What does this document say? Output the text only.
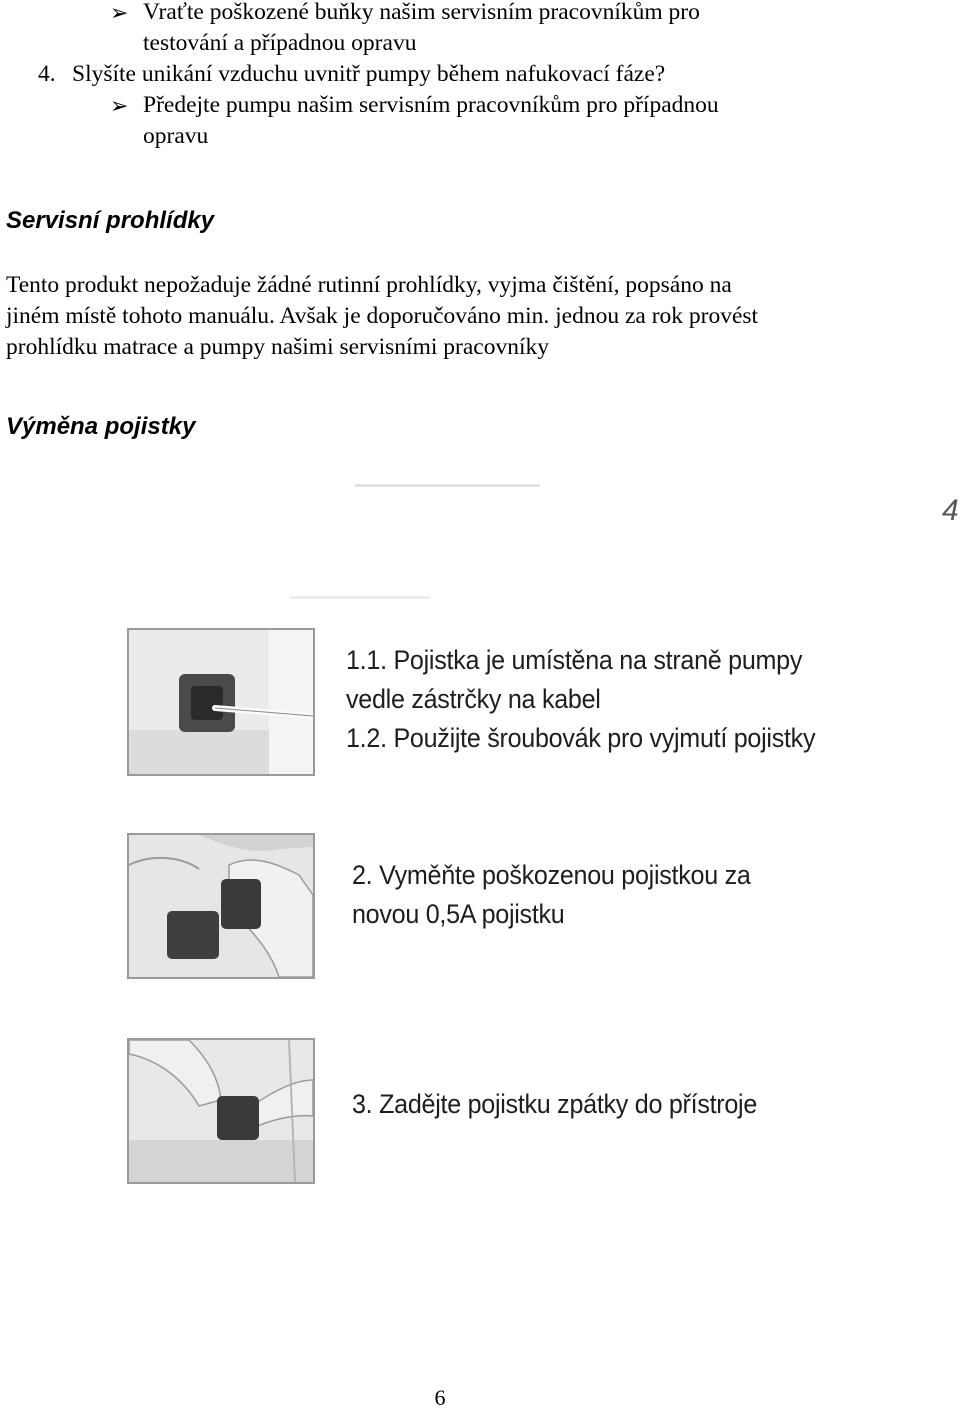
➢ Vraťte poškozené buňky našim servisním pracovníkům pro
testování a případnou opravu
4. Slyšíte unikání vzduchu uvnitř pumpy během nafukovací fáze?
➢ Předejte pumpu našim servisním pracovníkům pro případnou
opravu
Servisní prohlídky
Tento produkt nepožaduje žádné rutinní prohlídky, vyjma čištění, popsáno na
jiném místě tohoto manuálu. Avšak je doporučováno min. jednou za rok provést
prohlídku matrace a pumpy našimi servisními pracovníky
Výměna pojistky
4
1.1. Pojistka je umístěna na straně pumpy
vedle zástrčky na kabel
1.2. Použijte šroubovák pro vyjmutí pojistky
2. Vyměňte poškozenou pojistkou za
novou 0,5A pojistku
3. Zadějte pojistku zpátky do přístroje
6
